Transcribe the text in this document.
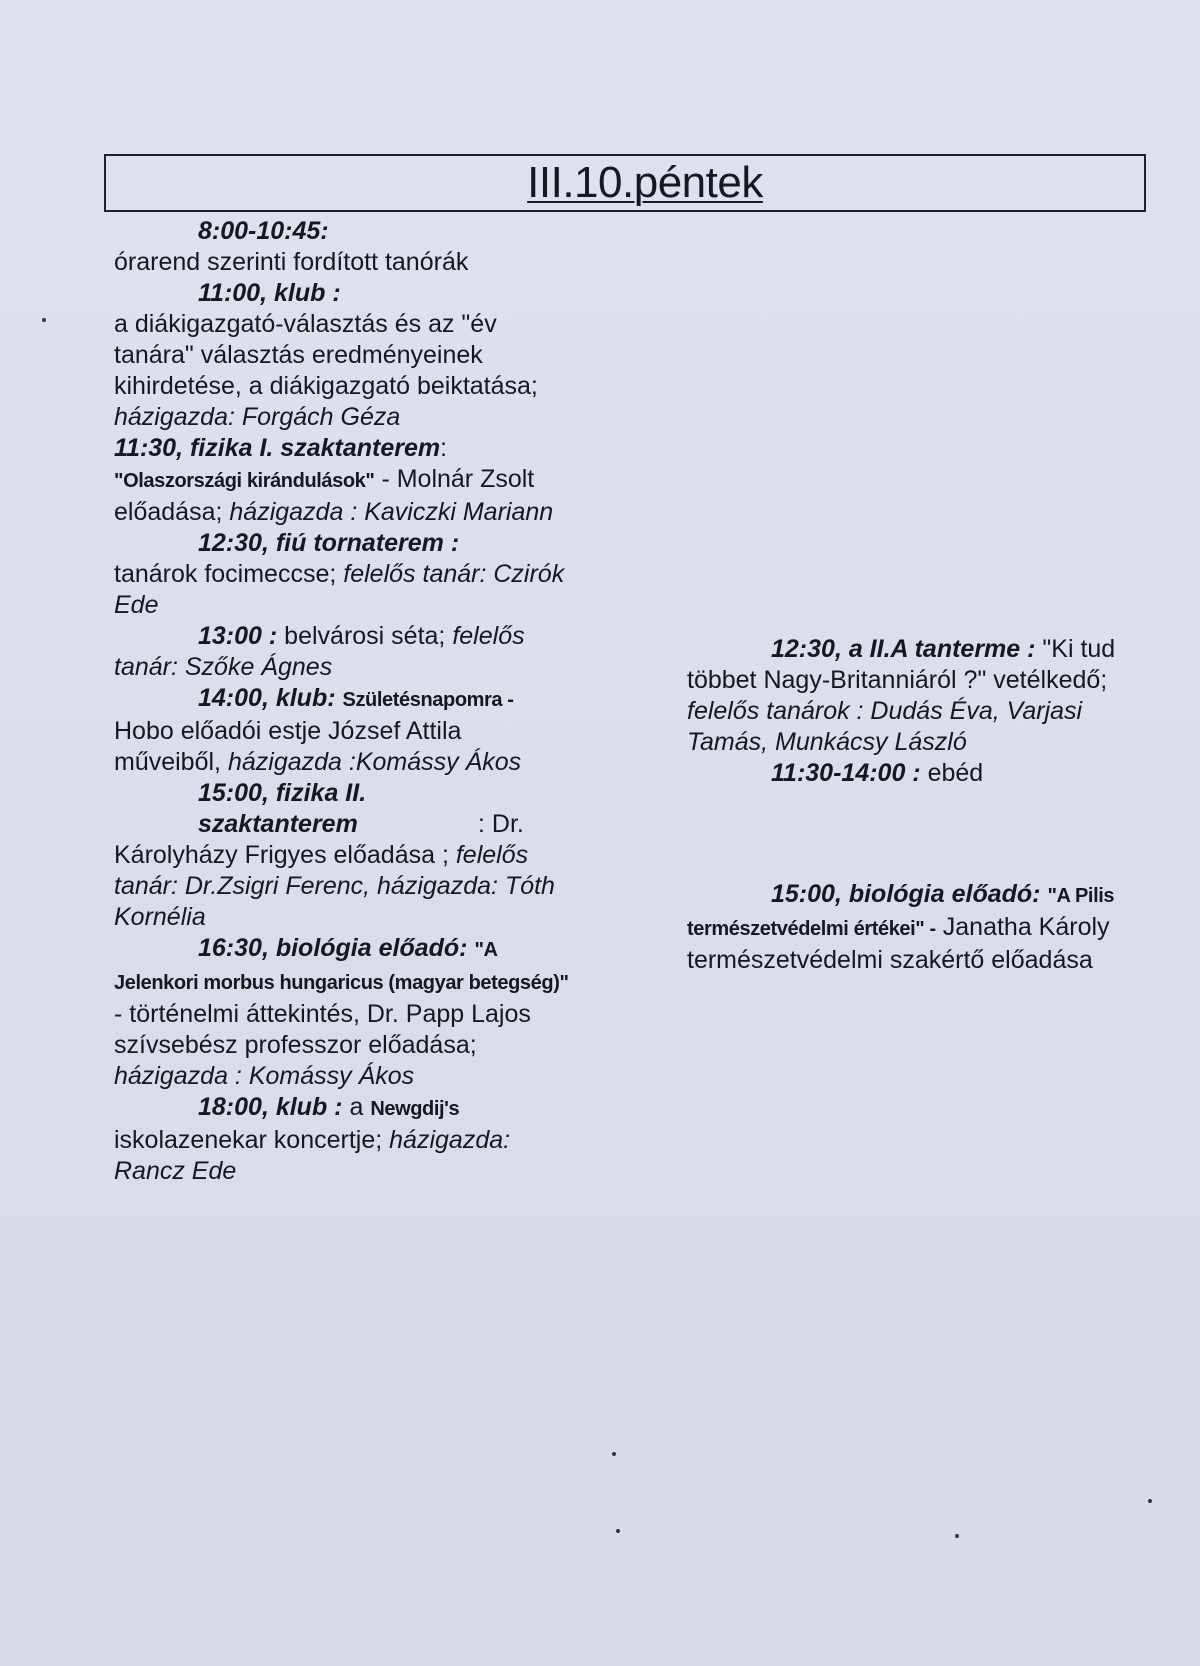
III.10.péntek

8:00-10:45:
órarend szerinti fordított tanórák

11:00, klub :
a diákigazgató-választás és az "év tanára" választás eredményeinek kihirdetése, a diákigazgató beiktatása; házigazda: Forgách Géza

11:30, fizika I. szaktanterem: "Olaszországi kirándulások" - Molnár Zsolt előadása; házigazda : Kaviczki Mariann

12:30, fiú tornaterem :
tanárok focimeccse; felelős tanár: Czirók Ede

13:00 : belvárosi séta; felelős tanár: Szőke Ágnes

14:00, klub: Születésnapomra - Hobo előadói estje József Attila műveiből, házigazda :Komássy Ákos

15:00, fizika II. szaktanterem	: Dr. Károlyházy Frigyes előadása ; felelős tanár: Dr.Zsigri Ferenc, házigazda: Tóth Kornélia

16:30, biológia előadó: "A Jelenkori morbus hungaricus (magyar betegség)" - történelmi áttekintés, Dr. Papp Lajos szívsebész professzor előadása; házigazda : Komássy Ákos

18:00, klub : a Newgdij's iskolazenekar koncertje; házigazda: Rancz Ede

12:30, a II.A tanterme : "Ki tud többet Nagy-Britanniáról ?" vetélkedő; felelős tanárok : Dudás Éva, Varjasi Tamás, Munkácsy László

11:30-14:00 : ebéd

15:00, biológia előadó: "A Pilis természetvédelmi értékei" - Janatha Károly természetvédelmi szakértő előadása
